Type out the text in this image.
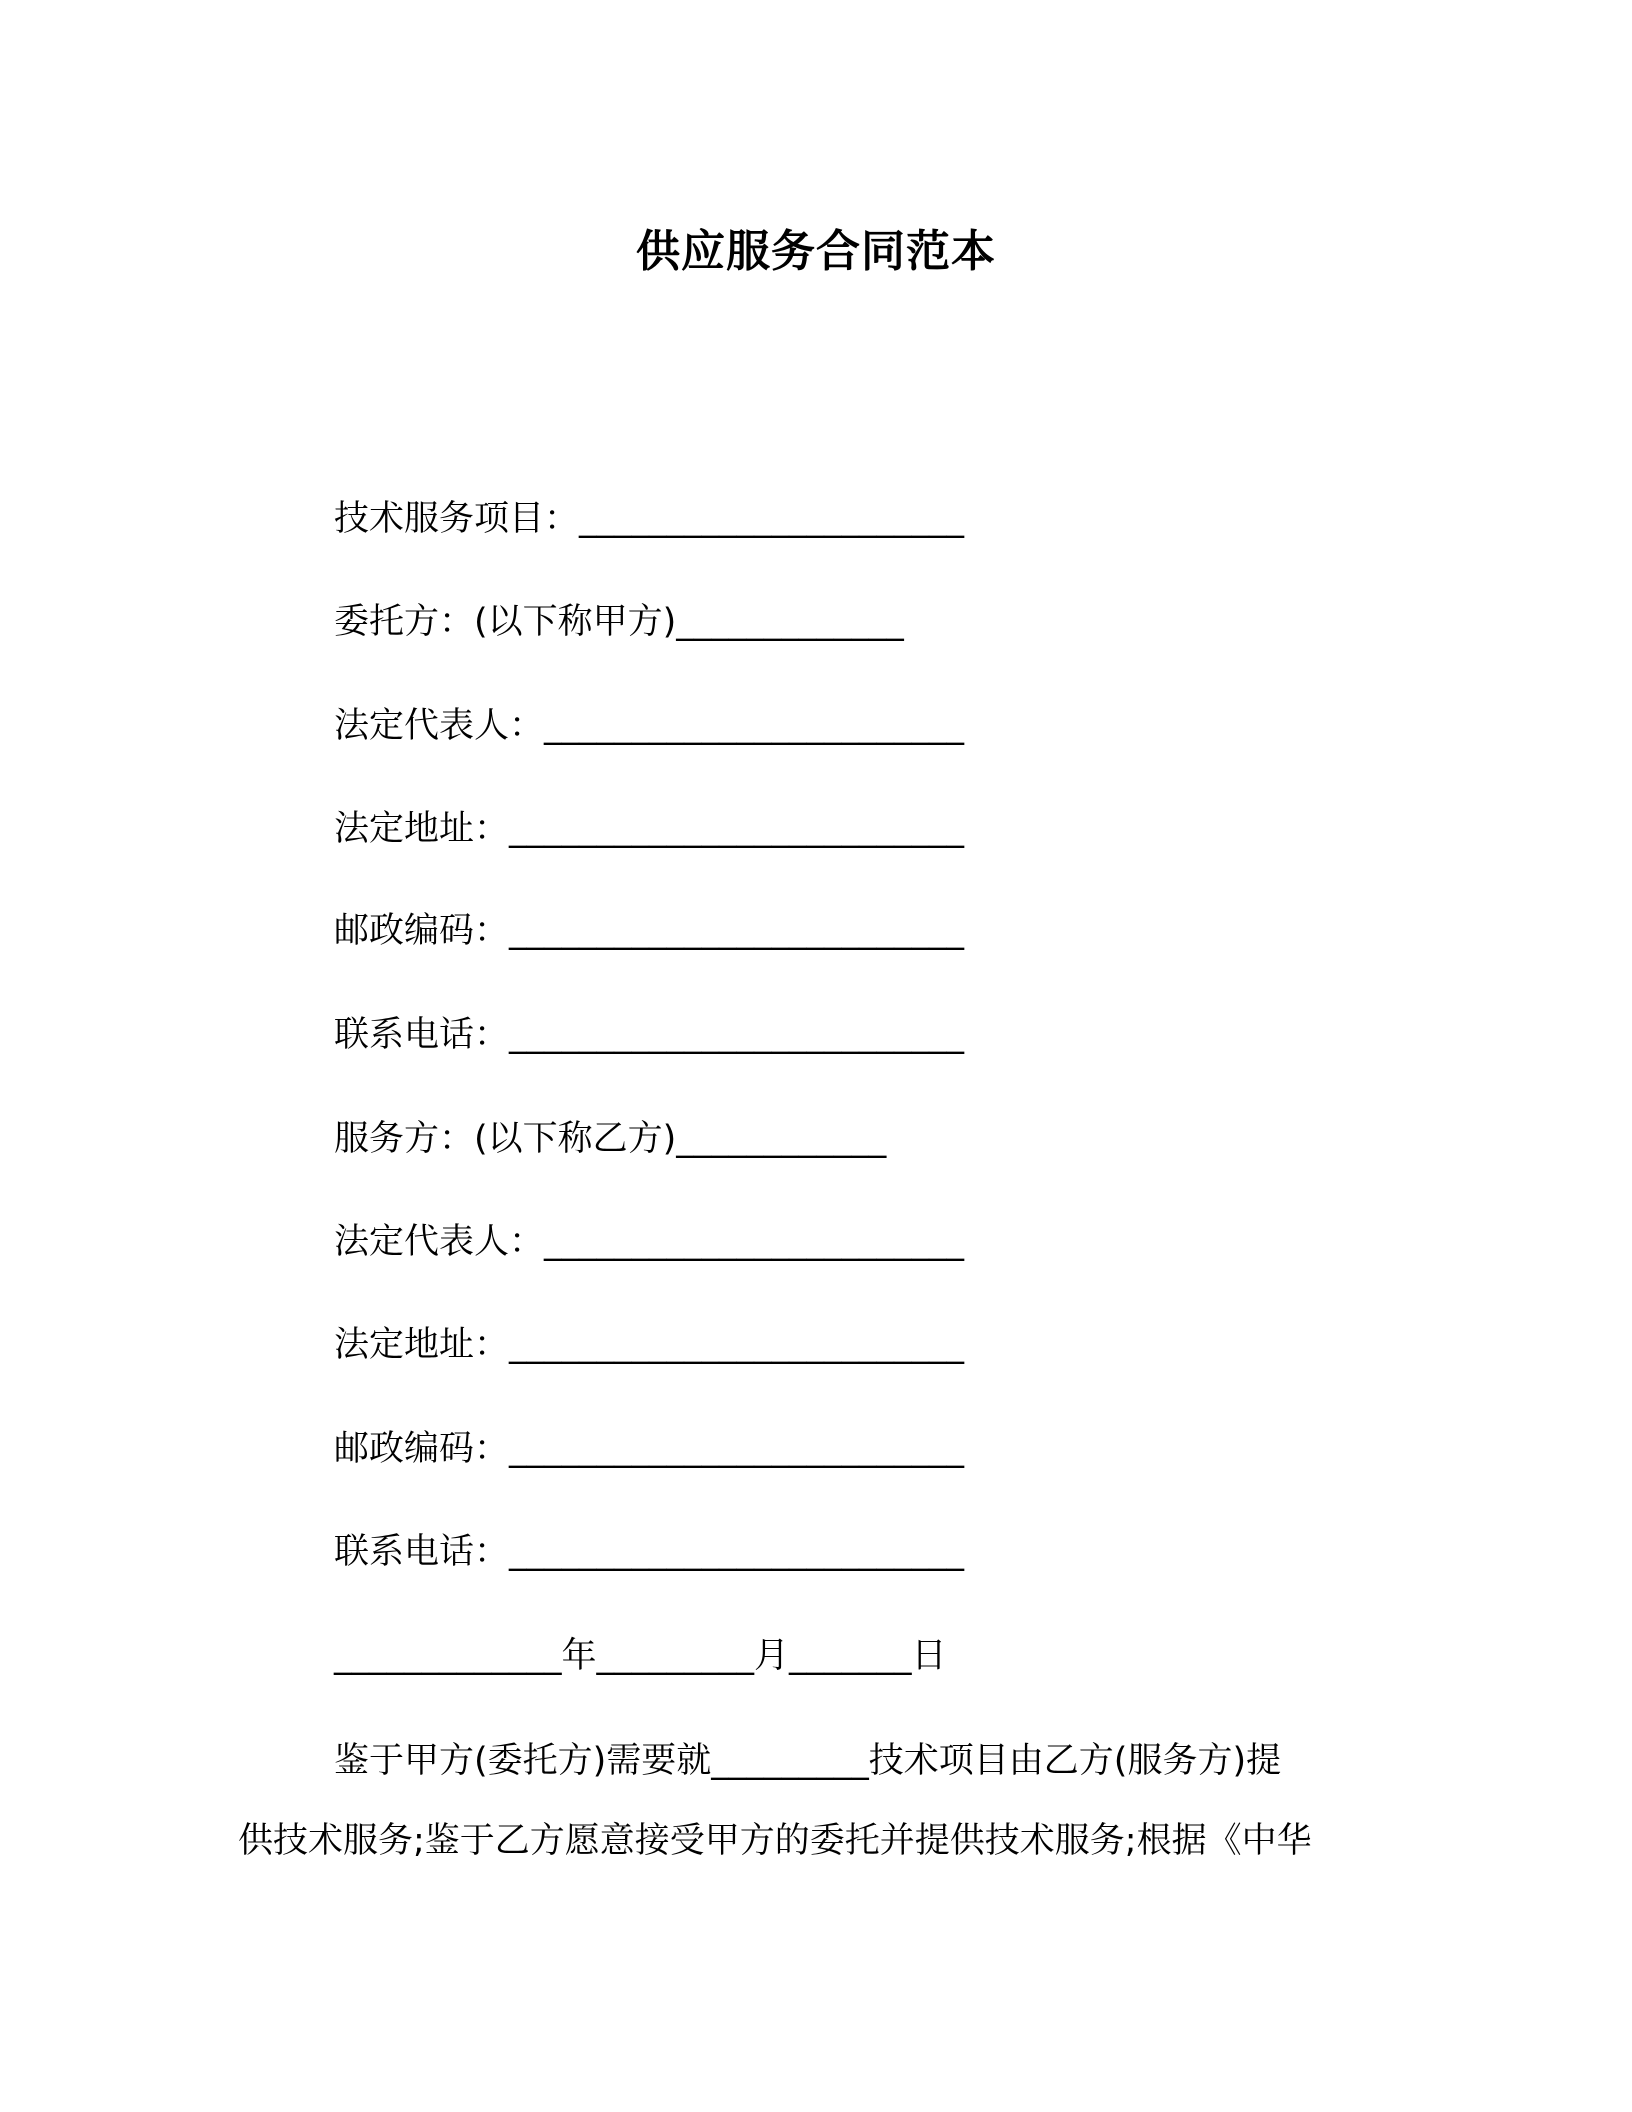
供应服务合同范本
技术服务项目：______________________
委托方：(以下称甲方)_____________
法定代表人：________________________
法定地址：__________________________
邮政编码：__________________________
联系电话：__________________________
服务方：(以下称乙方)____________
法定代表人：________________________
法定地址：__________________________
邮政编码：__________________________
联系电话：__________________________
_____________年_________月_______日
鉴于甲方(委托方)需要就_________技术项目由乙方(服务方)提
供技术服务;鉴于乙方愿意接受甲方的委托并提供技术服务;根据《中华
